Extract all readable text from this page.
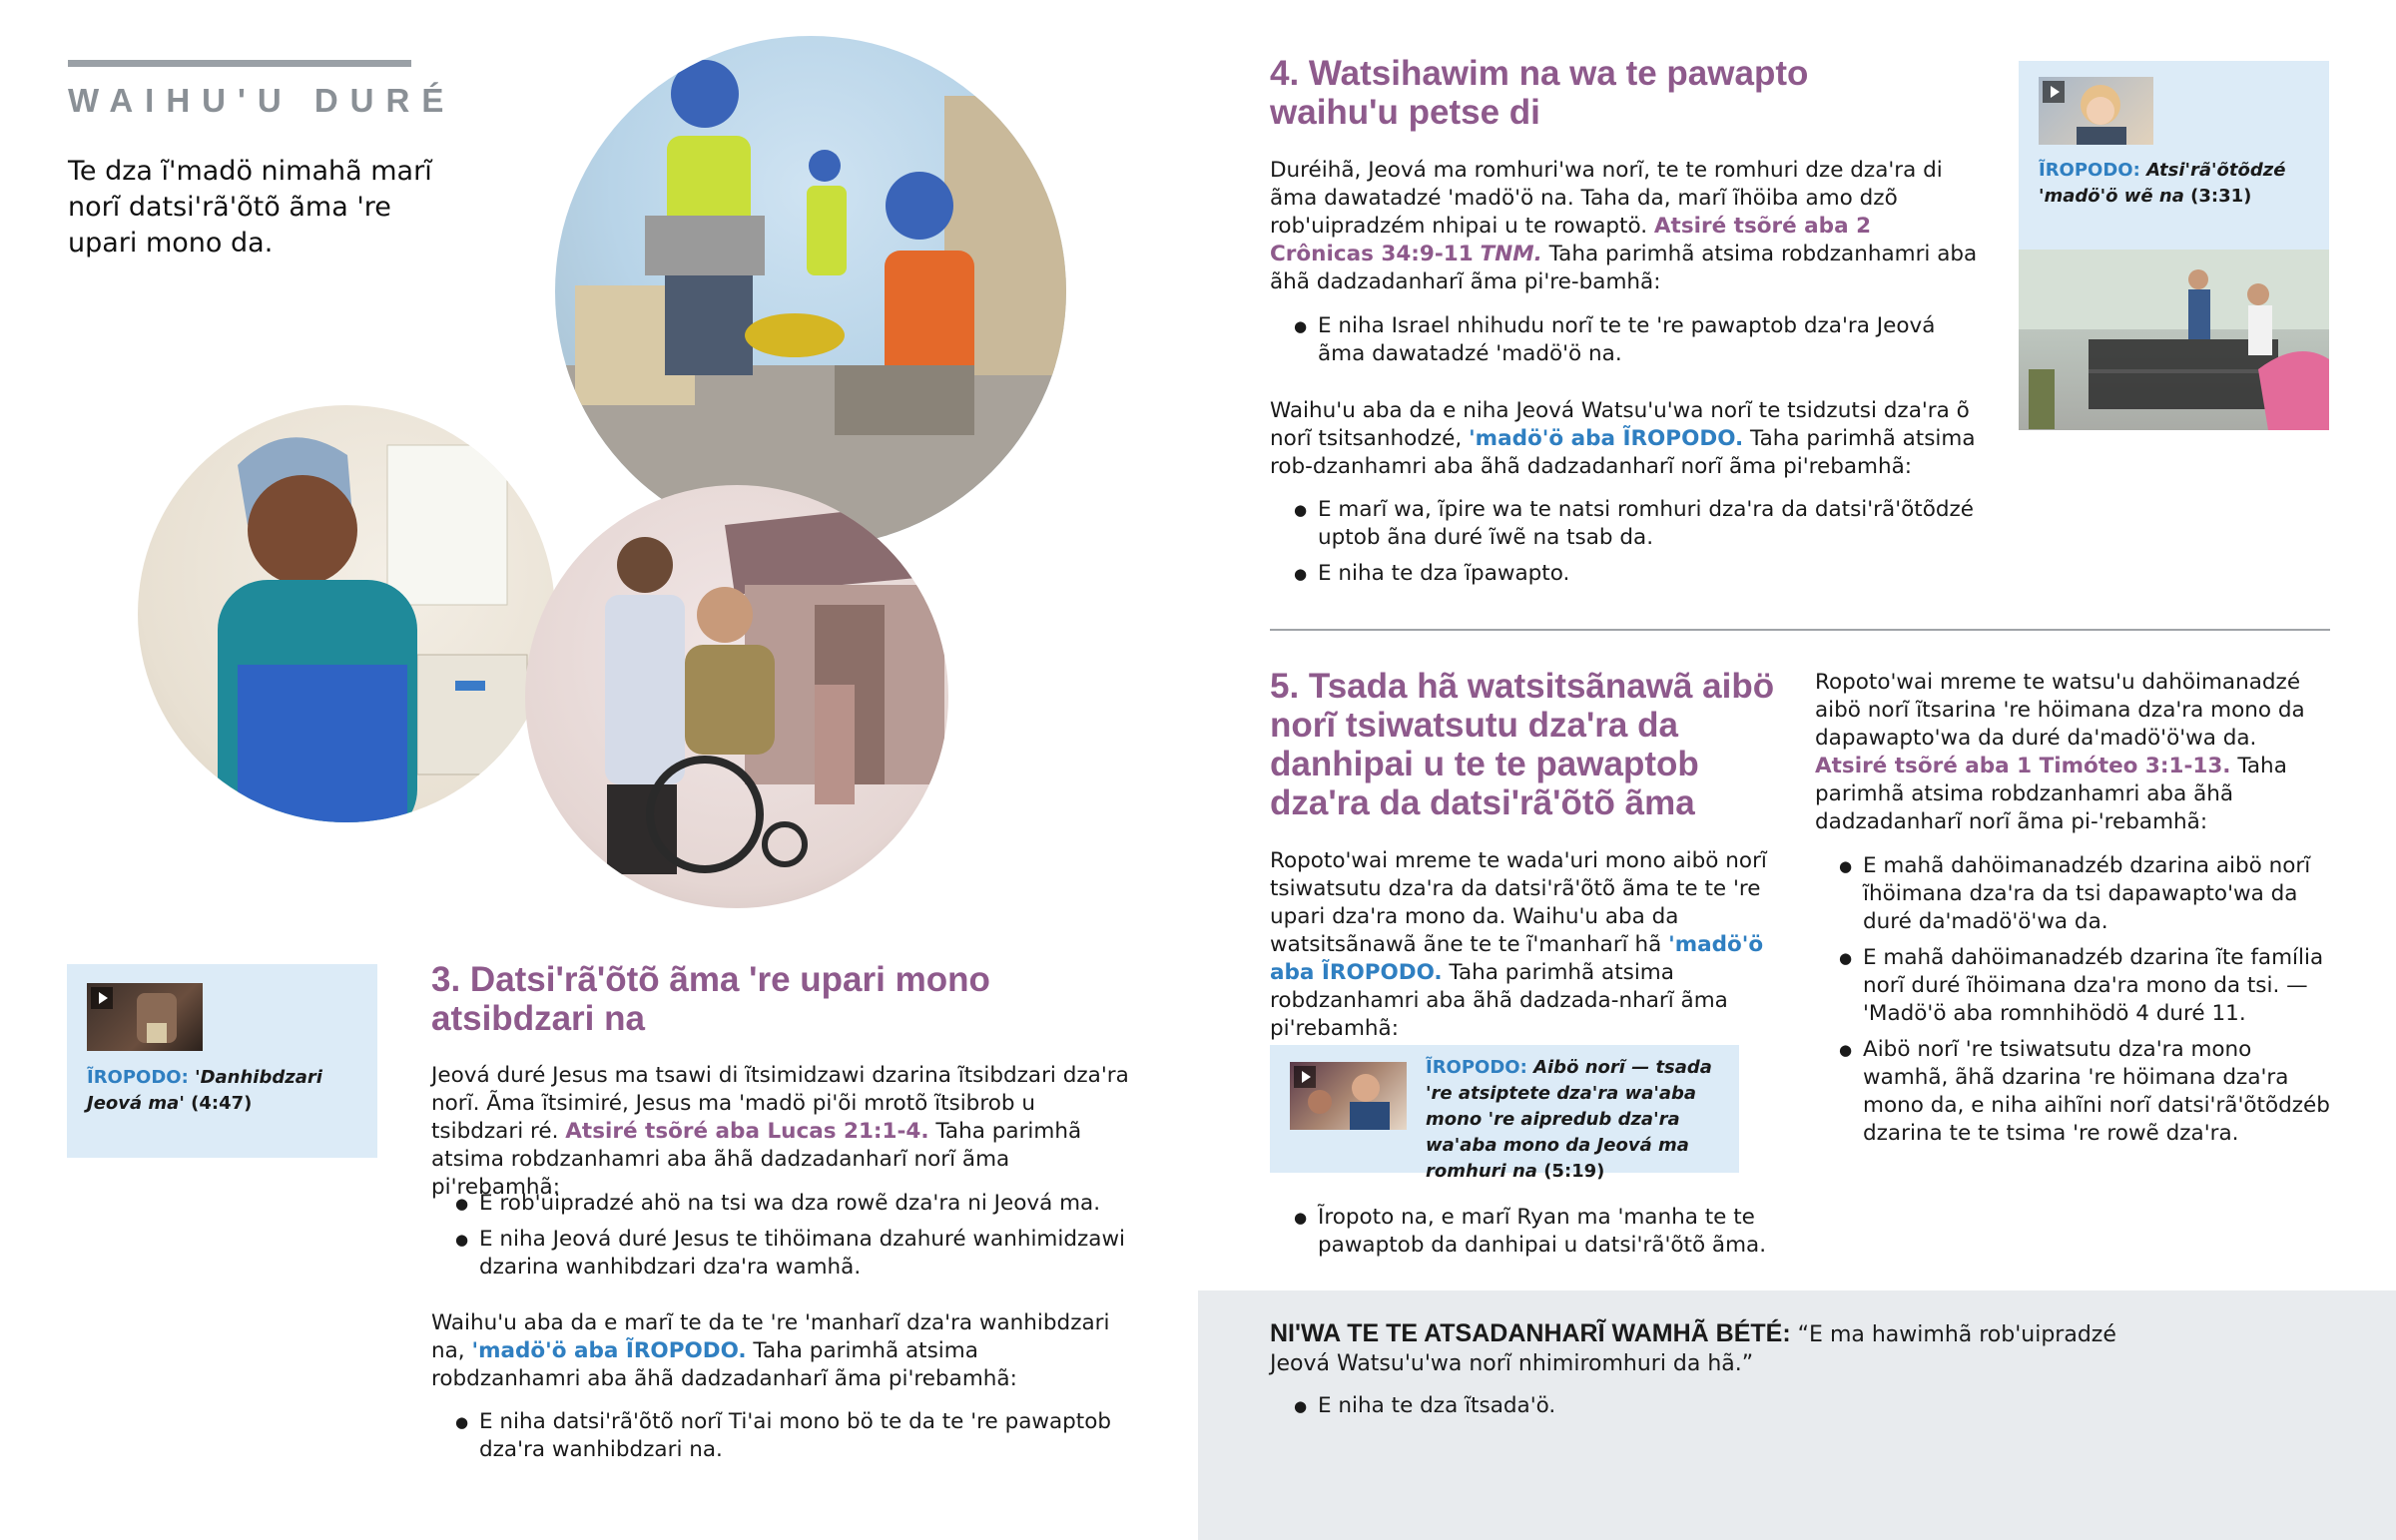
WAIHU'U DURÉ
Te dza ĩ'madö nimahã marĩ norĩ datsi'rã'õtõ ãma 're upari mono da.
ĨROPODO: 'Danhibdzari Jeová ma' (4:47)
3. Datsi'rã'õtõ ãma 're upari mono atsibdzari na
Jeová duré Jesus ma tsawi di ĩtsimidzawi dzarina ĩtsibdzari dza'ra norĩ. Ãma ĩtsimiré, Jesus ma 'madö pi'õi mrotõ ĩtsibrob u tsibdzari ré. Atsiré tsõré aba Lucas 21:1-4. Taha parimhã atsima robdzanhamri aba ãhã dadzadanharĩ norĩ ãma pi'rebamhã:
● E rob'uipradzé ahö na tsi wa dza rowẽ dza'ra ni Jeová ma.
● E niha Jeová duré Jesus te tihöimana dzahuré wanhimidzawi dzarina wanhibdzari dza'ra wamhã.
Waihu'u aba da e marĩ te da te 're 'manharĩ dza'ra wanhibdzari na, 'madö'ö aba ĨROPODO. Taha parimhã atsima robdzanhamri aba ãhã dadzadanharĩ ãma pi'rebamhã:
● E niha datsi'rã'õtõ norĩ Ti'ai mono bö te da te 're pawaptob dza'ra wanhibdzari na.
4. Watsihawim na wa te pawapto waihu'u petse di
Duréihã, Jeová ma romhuri'wa norĩ, te te romhuri dze dza'ra di ãma dawatadzé 'madö'ö na. Taha da, marĩ ĩhöiba amo dzõ rob'uipradzém nhipai u te rowaptö. Atsiré tsõré aba 2 Crônicas 34:9-11 TNM. Taha parimhã atsima robdzanhamri aba ãhã dadzadanharĩ ãma pi're-bamhã:
● E niha Israel nhihudu norĩ te te 're pawaptob dza'ra Jeová ãma dawatadzé 'madö'ö na.
Waihu'u aba da e niha Jeová Watsu'u'wa norĩ te tsidzutsi dza'ra õ norĩ tsitsanhodzé, 'madö'ö aba ĨROPODO. Taha parimhã atsima rob-dzanhamri aba ãhã dadzadanharĩ norĩ ãma pi'rebamhã:
● E marĩ wa, ĩpire wa te natsi romhuri dza'ra da datsi'rã'õtõdzé uptob ãna duré ĩwẽ na tsab da.
● E niha te dza ĩpawapto.
ĨROPODO: Atsi'rã'õtõdzé 'madö'ö wẽ na (3:31)
5. Tsada hã watsitsãnawã aibö norĩ tsiwatsutu dza'ra da danhipai u te te pawaptob dza'ra da datsi'rã'õtõ ãma
Ropoto'wai mreme te wada'uri mono aibö norĩ tsiwatsutu dza'ra da datsi'rã'õtõ ãma te te 're upari dza'ra mono da. Waihu'u aba da watsitsãnawã ãne te te ĩ'manharĩ hã 'madö'ö aba ĨROPODO. Taha parimhã atsima robdzanhamri aba ãhã dadzada-nharĩ ãma pi'rebamhã:
ĨROPODO: Aibö norĩ — tsada 're atsiptete dza'ra wa'aba mono 're aipredub dza'ra wa'aba mono da Jeová ma romhuri na (5:19)
● Ĩropoto na, e marĩ Ryan ma 'manha te te pawaptob da danhipai u datsi'rã'õtõ ãma.
Ropoto'wai mreme te watsu'u dahöimanadzé aibö norĩ ĩtsarina 're höimana dza'ra mono da dapawapto'wa da duré da'madö'ö'wa da. Atsiré tsõré aba 1 Timóteo 3:1-13. Taha parimhã atsima robdzanhamri aba ãhã dadzadanharĩ norĩ ãma pi-'rebamhã:
● E mahã dahöimanadzéb dzarina aibö norĩ ĩhöimana dza'ra da tsi dapawapto'wa da duré da'madö'ö'wa da.
● E mahã dahöimanadzéb dzarina ĩte família norĩ duré ĩhöimana dza'ra mono da tsi. — 'Madö'ö aba romnhihödö 4 duré 11.
● Aibö norĩ 're tsiwatsutu dza'ra mono wamhã, ãhã dzarina 're höimana dza'ra mono da, e niha aihĩni norĩ datsi'rã'õtõdzéb dzarina te te tsima 're rowẽ dza'ra.
NI'WA TE TE ATSADANHARĨ WAMHÃ BÉTÉ: “E ma hawimhã rob'uipradzé Jeová Watsu'u'wa norĩ nhimiromhuri da hã.”
● E niha te dza ĩtsada'ö.
